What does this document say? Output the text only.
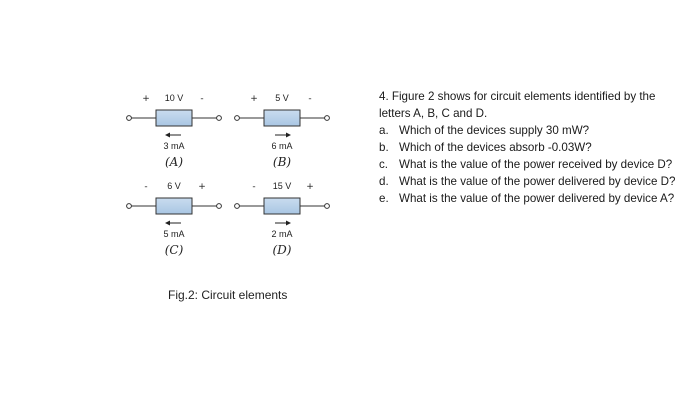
+ 10 V -
3 mA
(A)
+ 5 V -
6 mA
(B)
- 6 V +
5 mA
(C)
- 15 V +
2 mA
(D)
Fig.2: Circuit elements

4. Figure 2 shows for circuit elements identified by the letters A, B, C and D.

a. Which of the devices supply 30 mW?
b. Which of the devices absorb -0.03W?
c. What is the value of the power received by device D?
d. What is the value of the power delivered by device D?
e. What is the value of the power delivered by device A?
